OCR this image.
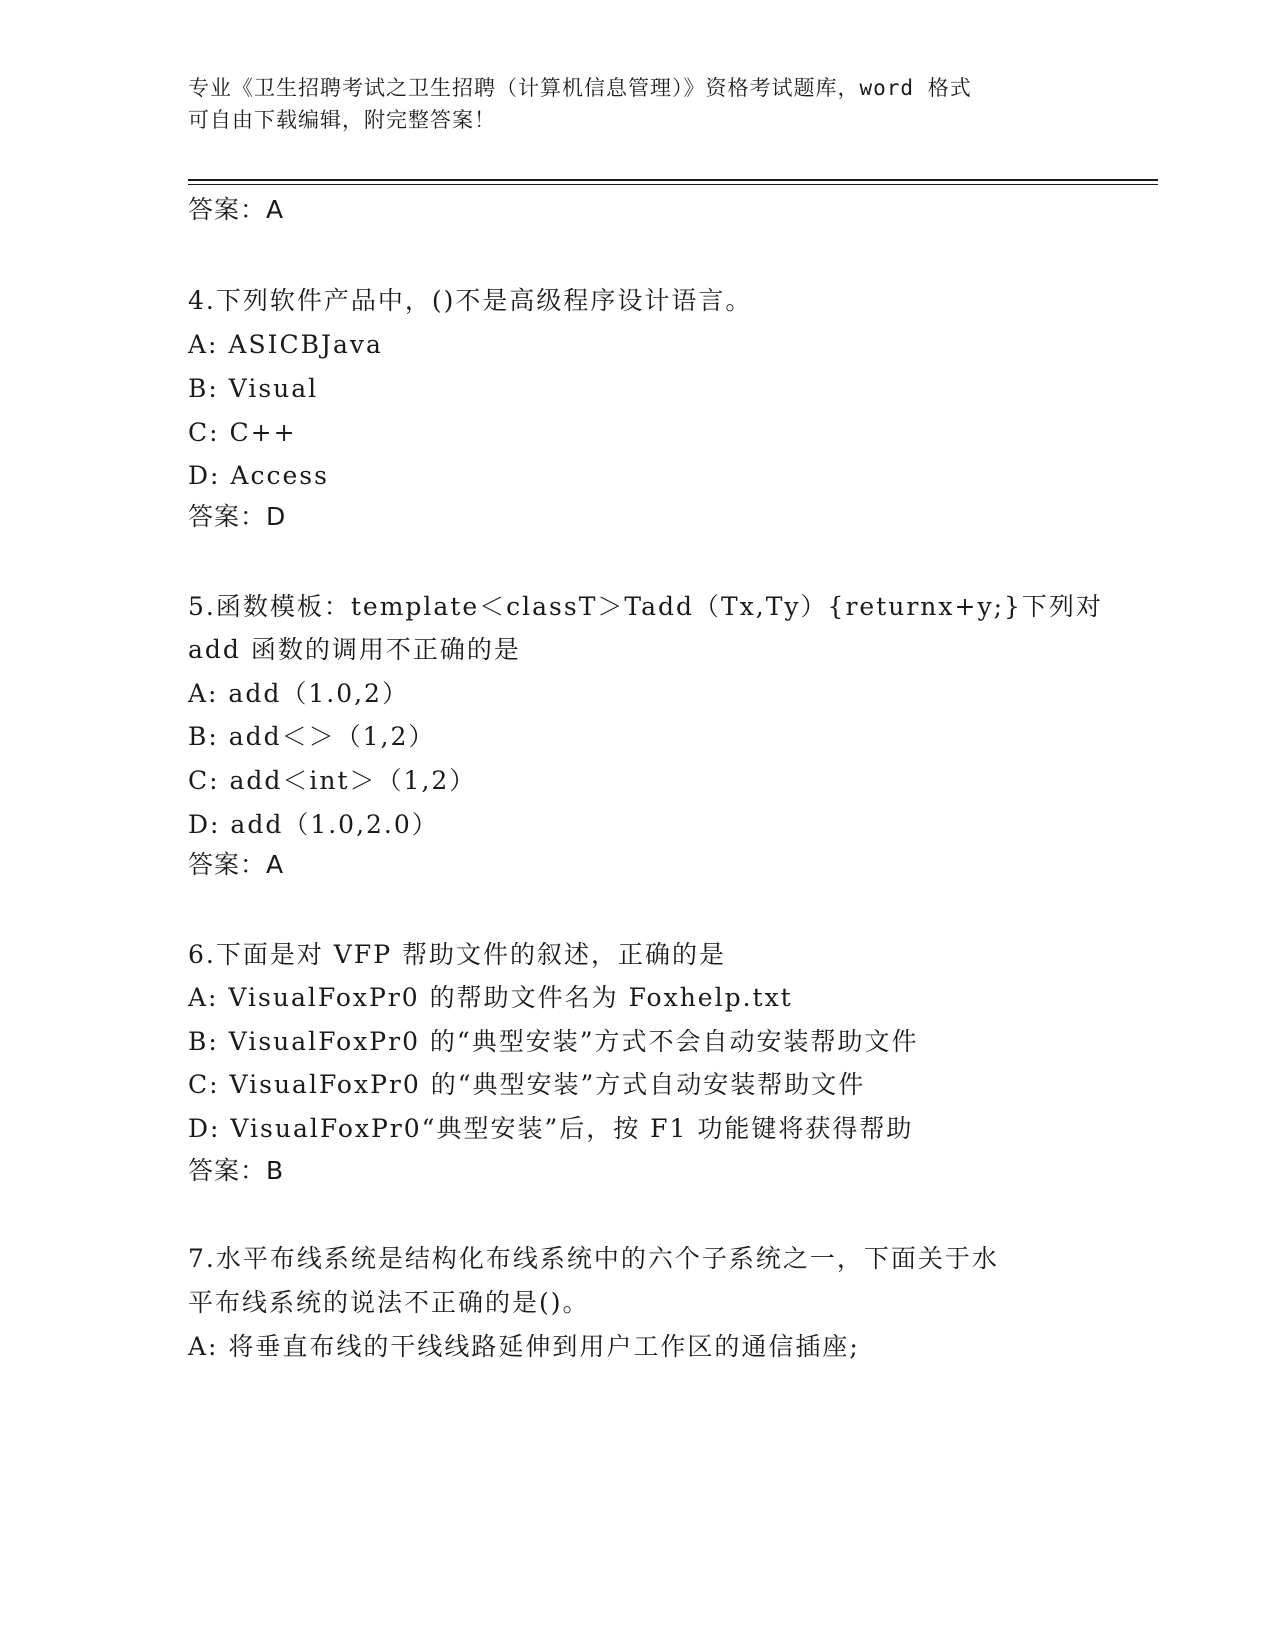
专业《卫生招聘考试之卫生招聘（计算机信息管理）》资格考试题库，word 格式
可自由下载编辑，附完整答案！
答案：A
4.下列软件产品中，()不是高级程序设计语言。
A: ASICBJava
B: Visual
C: C++
D: Access
答案：D
5.函数模板：template＜classT＞Tadd（Tx,Ty）{returnx+y;}下列对
add 函数的调用不正确的是
A: add（1.0,2）
B: add＜＞（1,2）
C: add＜int＞（1,2）
D: add（1.0,2.0）
答案：A
6.下面是对 VFP 帮助文件的叙述，正确的是
A: VisualFoxPr0 的帮助文件名为 Foxhelp.txt
B: VisualFoxPr0 的“典型安装”方式不会自动安装帮助文件
C: VisualFoxPr0 的“典型安装”方式自动安装帮助文件
D: VisualFoxPr0“典型安装”后，按 F1 功能键将获得帮助
答案：B
7.水平布线系统是结构化布线系统中的六个子系统之一，下面关于水
平布线系统的说法不正确的是()。
A: 将垂直布线的干线线路延伸到用户工作区的通信插座;
